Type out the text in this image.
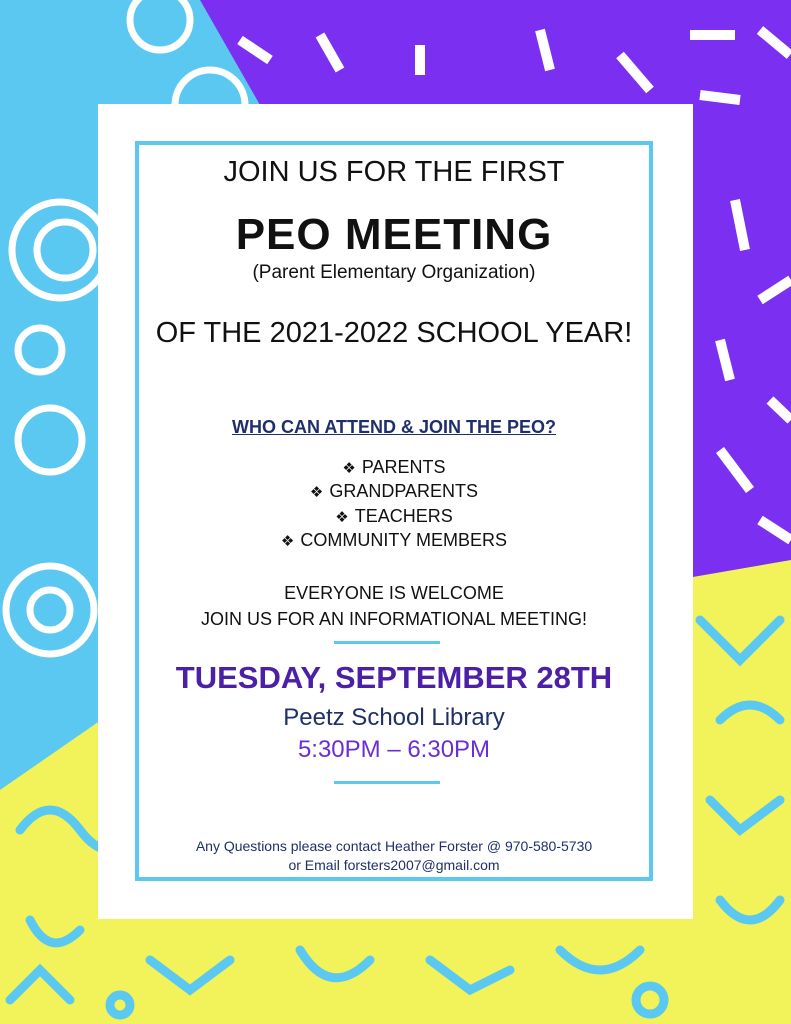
JOIN US FOR THE FIRST
PEO MEETING
(Parent Elementary Organization)
OF THE 2021-2022 SCHOOL YEAR!
WHO CAN ATTEND & JOIN THE PEO?
❖ PARENTS
❖ GRANDPARENTS
❖ TEACHERS
❖ COMMUNITY MEMBERS
EVERYONE IS WELCOME
JOIN US FOR AN INFORMATIONAL MEETING!
TUESDAY, SEPTEMBER 28TH
Peetz School Library
5:30PM – 6:30PM
Any Questions please contact Heather Forster @ 970-580-5730
or Email forsters2007@gmail.com
